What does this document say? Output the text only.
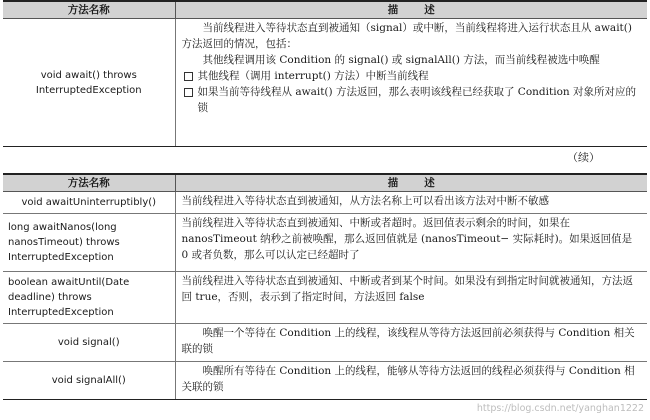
方法名称	描述
void await() throws InterruptedException	当前线程进入等待状态直到被通知（signal）或中断，当前线程将进入运行状态且从 await() 方法返回的情况，包括：
其他线程调用该 Condition 的 signal() 或 signalAll() 方法，而当前线程被选中唤醒
其他线程（调用 interrupt() 方法）中断当前线程
如果当前等待线程从 await() 方法返回，那么表明该线程已经获取了 Condition 对象所对应的锁
（续）
方法名称	描述
void awaitUninterruptibly()	当前线程进入等待状态直到被通知，从方法名称上可以看出该方法对中断不敏感
long awaitNanos(long nanosTimeout) throws InterruptedException	当前线程进入等待状态直到被通知、中断或者超时。返回值表示剩余的时间，如果在 nanosTimeout 纳秒之前被唤醒，那么返回值就是 (nanosTimeout− 实际耗时)。如果返回值是 0 或者负数，那么可以认定已经超时了
boolean awaitUntil(Date deadline) throws InterruptedException	当前线程进入等待状态直到被通知、中断或者到某个时间。如果没有到指定时间就被通知，方法返回 true，否则，表示到了指定时间，方法返回 false
void signal()	唤醒一个等待在 Condition 上的线程，该线程从等待方法返回前必须获得与 Condition 相关联的锁
void signalAll()	唤醒所有等待在 Condition 上的线程，能够从等待方法返回的线程必须获得与 Condition 相关联的锁
https://blog.csdn.net/yanghan1222
